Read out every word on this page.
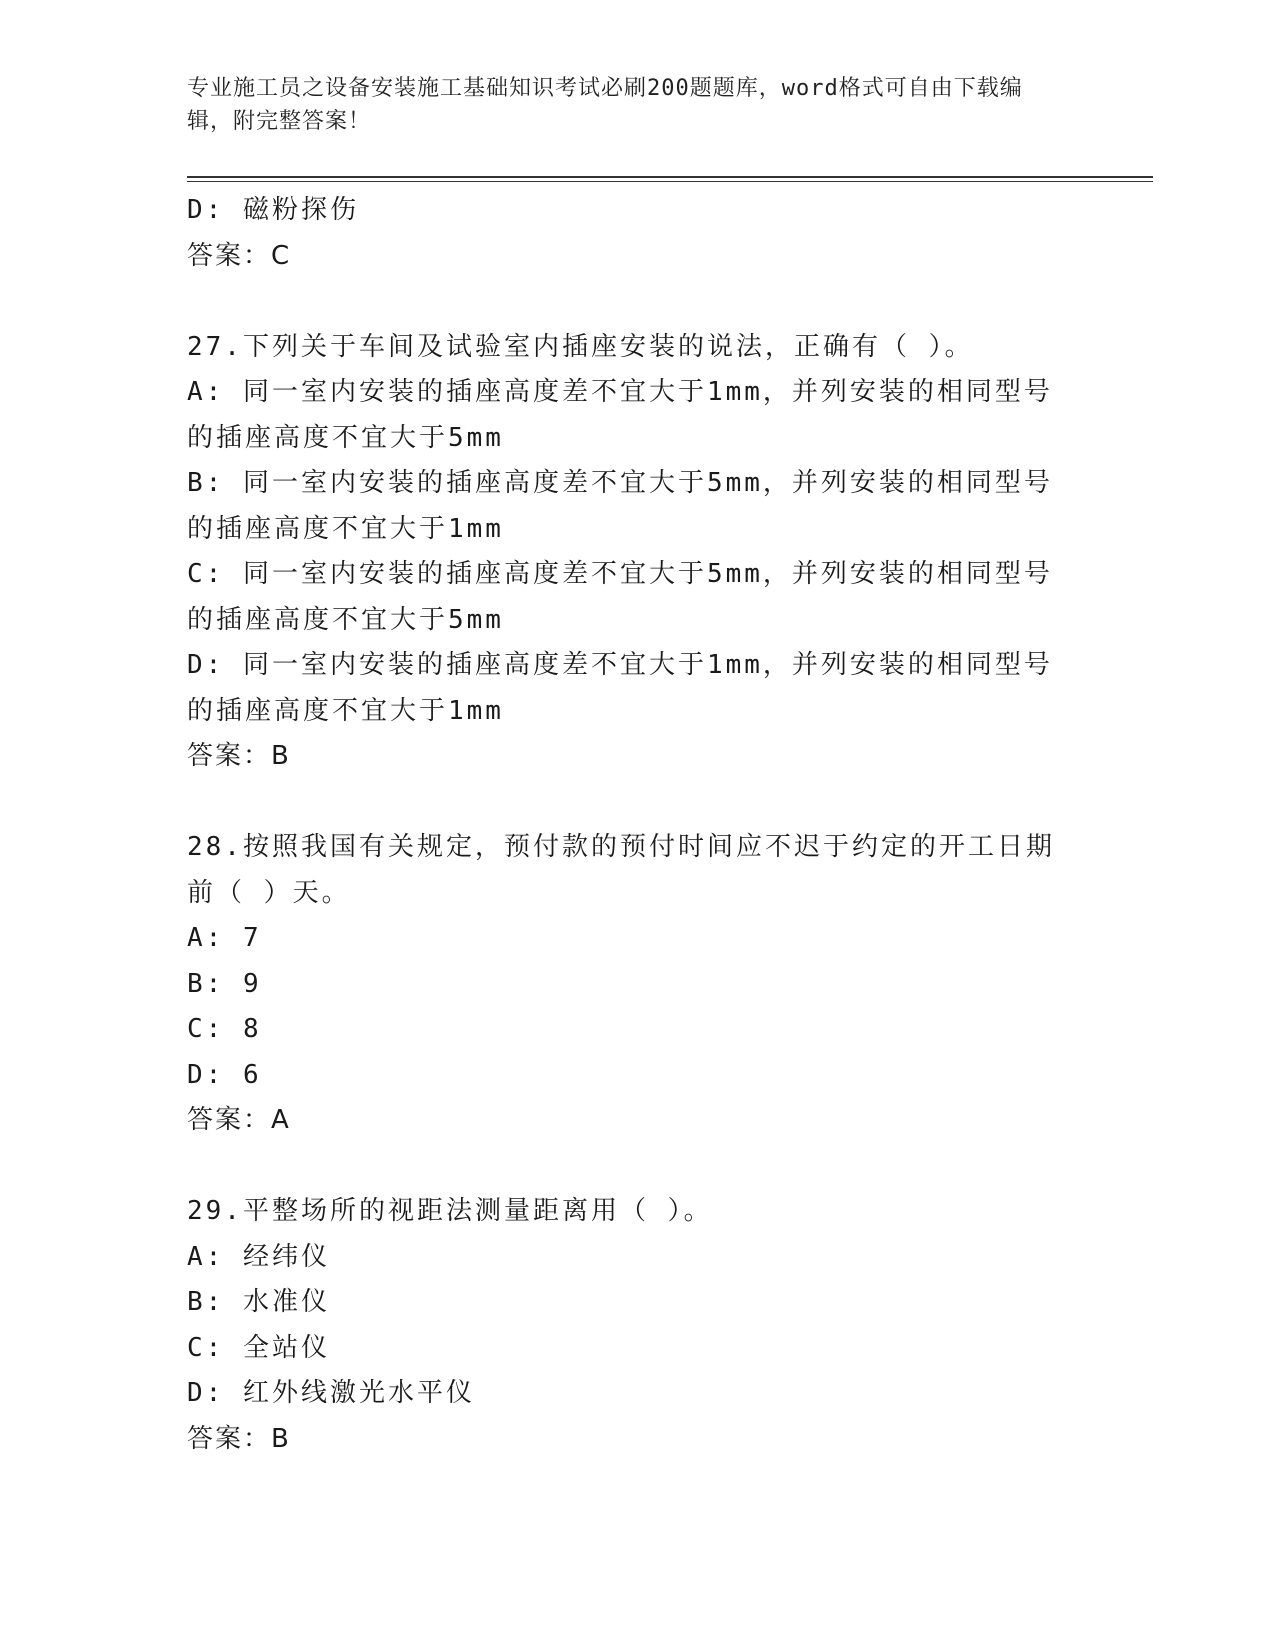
专业施工员之设备安装施工基础知识考试必刷200题题库，word格式可自由下载编辑，附完整答案！
D: 磁粉探伤
答案：C
27.下列关于车间及试验室内插座安装的说法，正确有（ ）。
A: 同一室内安装的插座高度差不宜大于1mm，并列安装的相同型号的插座高度不宜大于5mm
B: 同一室内安装的插座高度差不宜大于5mm，并列安装的相同型号的插座高度不宜大于1mm
C: 同一室内安装的插座高度差不宜大于5mm，并列安装的相同型号的插座高度不宜大于5mm
D: 同一室内安装的插座高度差不宜大于1mm，并列安装的相同型号的插座高度不宜大于1mm
答案：B
28.按照我国有关规定，预付款的预付时间应不迟于约定的开工日期前（ ）天。
A: 7
B: 9
C: 8
D: 6
答案：A
29.平整场所的视距法测量距离用（ ）。
A: 经纬仪
B: 水准仪
C: 全站仪
D: 红外线激光水平仪
答案：B
